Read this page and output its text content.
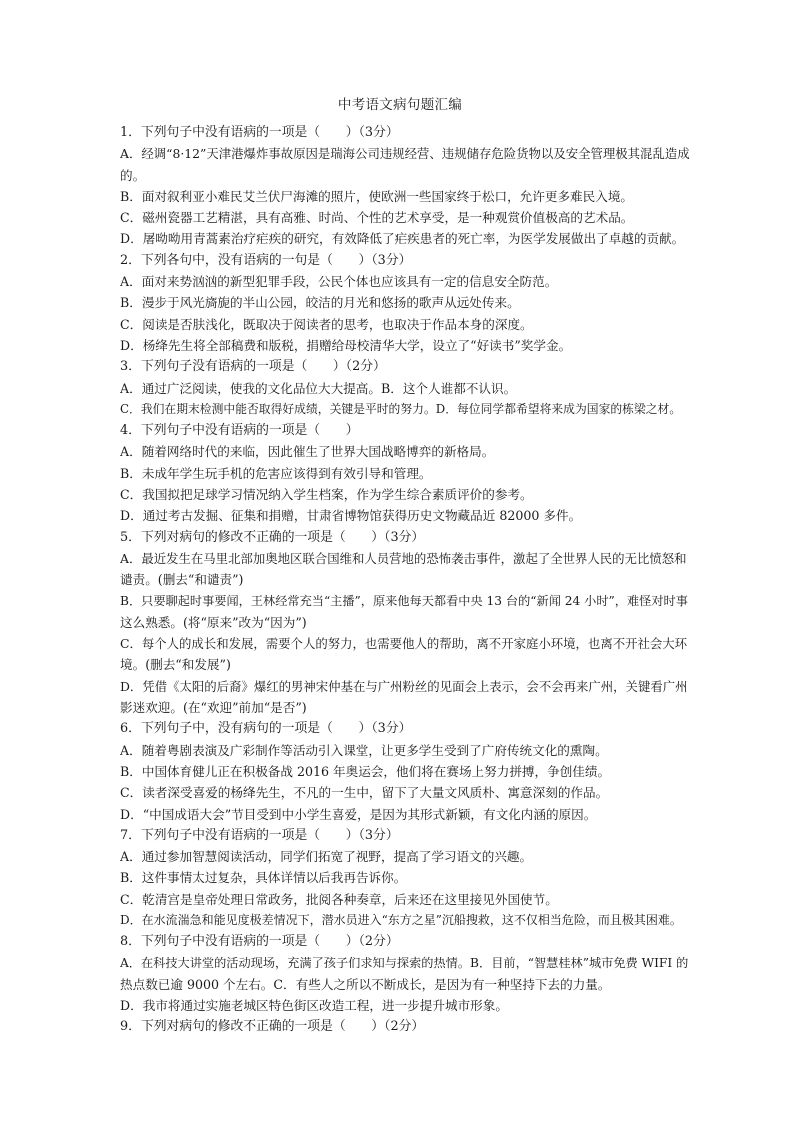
中考语文病句题汇编
1．下列句子中没有语病的一项是（　　）（3分）
A．经调“8·12”天津港爆炸事故原因是瑞海公司违规经营、违规储存危险货物以及安全管理极其混乱造成
的。
B．面对叙利亚小难民艾兰伏尸海滩的照片，使欧洲一些国家终于松口，允许更多难民入境。
C．磁州瓷器工艺精湛，具有高雅、时尚、个性的艺术享受，是一种观赏价值极高的艺术品。
D．屠呦呦用青蒿素治疗疟疾的研究，有效降低了疟疾患者的死亡率，为医学发展做出了卓越的贡献。
2．下列各句中，没有语病的一句是（　　）（3分）
A．面对来势汹汹的新型犯罪手段，公民个体也应该具有一定的信息安全防范。
B．漫步于风光旖旎的半山公园，皎洁的月光和悠扬的歌声从远处传来。
C．阅读是否肤浅化，既取决于阅读者的思考，也取决于作品本身的深度。
D．杨绛先生将全部稿费和版税，捐赠给母校清华大学，设立了“好读书”奖学金。
3．下列句子没有语病的一项是（　　）（2分）
A．通过广泛阅读，使我的文化品位大大提高。B．这个人谁都不认识。
C．我们在期末检测中能否取得好成绩，关键是平时的努力。D．每位同学都希望将来成为国家的栋梁之材。
4．下列句子中没有语病的一项是（　　）
A．随着网络时代的来临，因此催生了世界大国战略博弈的新格局。
B．未成年学生玩手机的危害应该得到有效引导和管理。
C．我国拟把足球学习情况纳入学生档案，作为学生综合素质评价的参考。
D．通过考古发掘、征集和捐赠，甘肃省博物馆获得历史文物藏品近 82000 多件。
5．下列对病句的修改不正确的一项是（　　）（3分）
A．最近发生在马里北部加奥地区联合国维和人员营地的恐怖袭击事件，激起了全世界人民的无比愤怒和
谴责。(删去“和谴责”)
B．只要聊起时事要闻，王林经常充当“主播”，原来他每天都看中央 13 台的“新闻 24 小时”，难怪对时事
这么熟悉。(将“原来”改为“因为”)
C．每个人的成长和发展，需要个人的努力，也需要他人的帮助，离不开家庭小环境，也离不开社会大环
境。(删去“和发展”)
D．凭借《太阳的后裔》爆红的男神宋仲基在与广州粉丝的见面会上表示，会不会再来广州，关键看广州
影迷欢迎。(在“欢迎”前加“是否”)
6．下列句子中，没有病句的一项是（　　）（3分）
A．随着粤剧表演及广彩制作等活动引入课堂，让更多学生受到了广府传统文化的熏陶。
B．中国体育健儿正在积极备战 2016 年奥运会，他们将在赛场上努力拼搏，争创佳绩。
C．读者深受喜爱的杨绛先生，不凡的一生中，留下了大量文风质朴、寓意深刻的作品。
D．“中国成语大会”节目受到中小学生喜爱，是因为其形式新颖，有文化内涵的原因。
7．下列句子中没有语病的一项是（　　）（3分）
A．通过参加智慧阅读活动，同学们拓宽了视野，提高了学习语文的兴趣。
B．这件事情太过复杂，具体详情以后我再告诉你。
C．乾清宫是皇帝处理日常政务，批阅各种奏章，后来还在这里接见外国使节。
D．在水流湍急和能见度极差情况下，潜水员进入“东方之星”沉船搜救，这不仅相当危险，而且极其困难。
8．下列句子中没有语病的一项是（　　）（2分）
A．在科技大讲堂的活动现场，充满了孩子们求知与探索的热情。B．目前，“智慧桂林”城市免费 WIFI 的
热点数已逾 9000 个左右。C．有些人之所以不断成长，是因为有一种坚持下去的力量。
D．我市将通过实施老城区特色街区改造工程，进一步提升城市形象。
9．下列对病句的修改不正确的一项是（　　）（2分）
